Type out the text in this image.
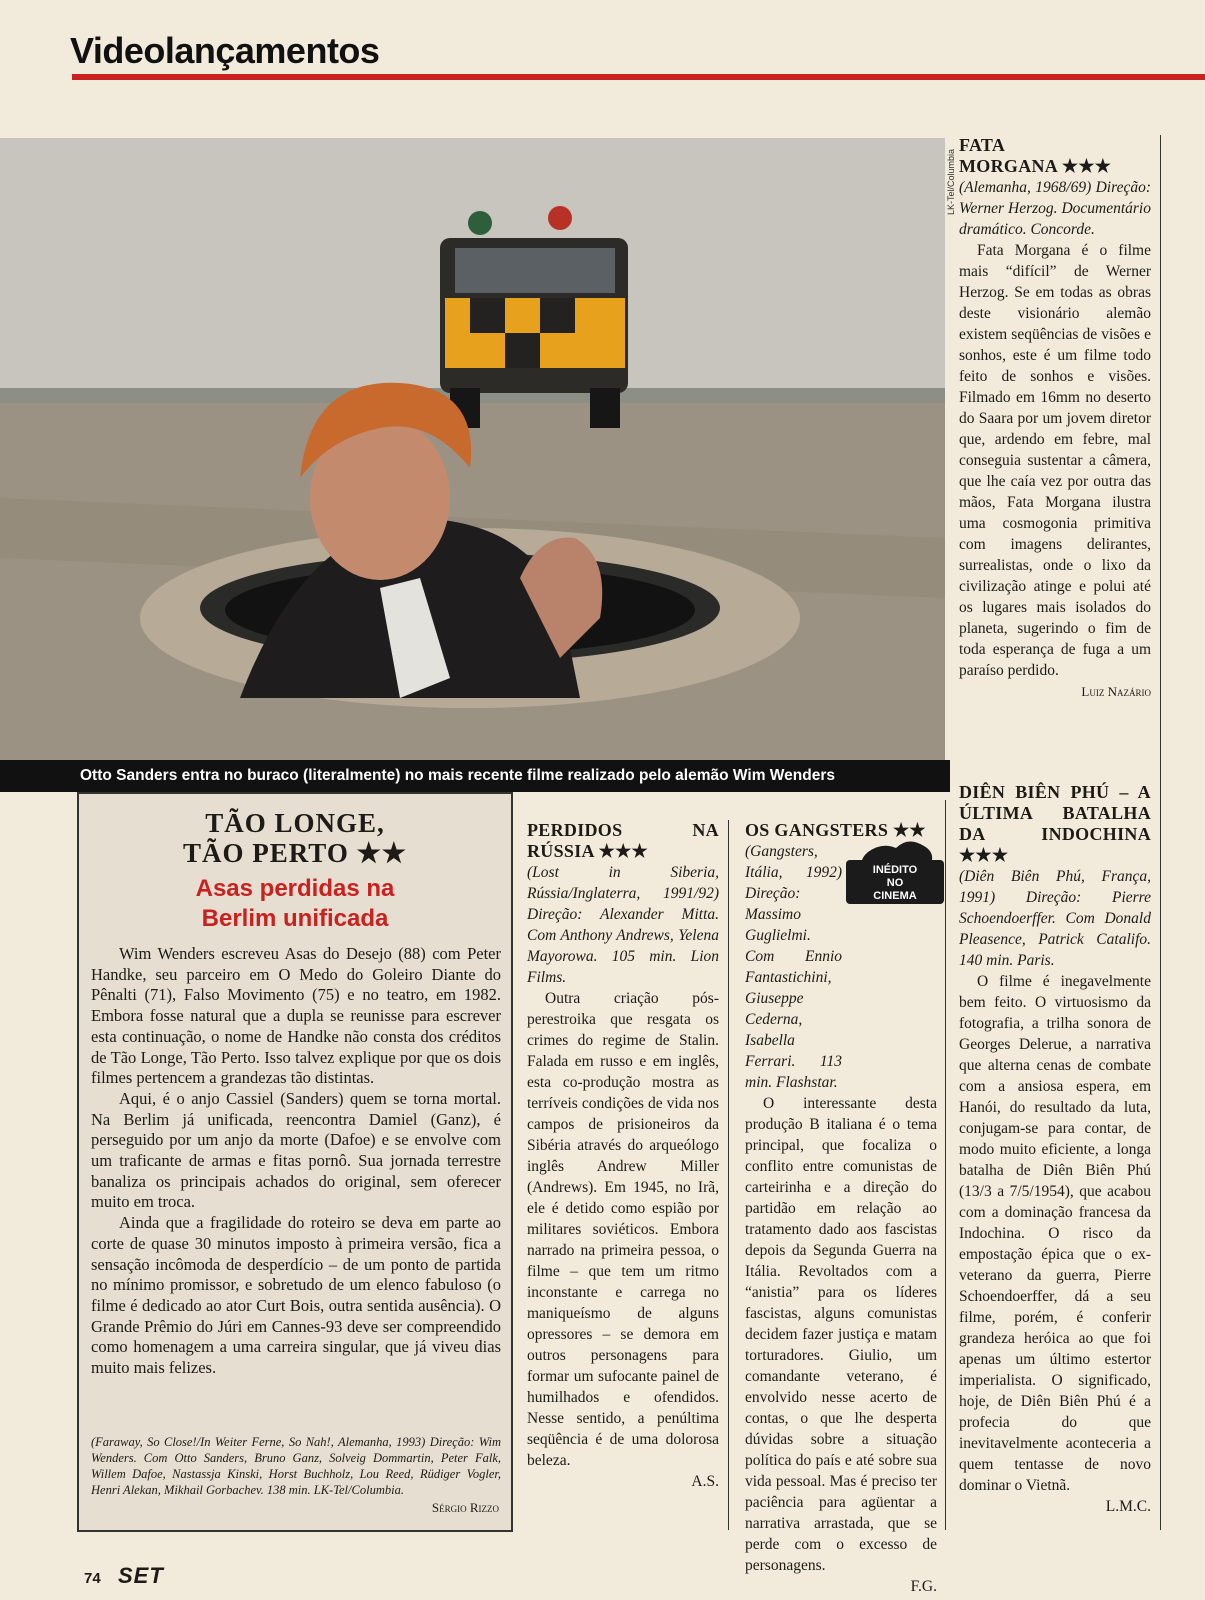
Videolançamentos
LK-Tel/Columbia
Otto Sanders entra no buraco (literalmente) no mais recente filme realizado pelo alemão Wim Wenders
TÃO LONGE,
TÃO PERTO ★★
Asas perdidas na Berlim unificada

Wim Wenders escreveu Asas do Desejo (88) com Peter Handke, seu parceiro em O Medo do Goleiro Diante do Pênalti (71), Falso Movimento (75) e no teatro, em 1982. Embora fosse natural que a dupla se reunisse para escrever esta continuação, o nome de Handke não consta dos créditos de Tão Longe, Tão Perto. Isso talvez explique por que os dois filmes pertencem a grandezas tão distintas.

Aqui, é o anjo Cassiel (Sanders) quem se torna mortal. Na Berlim já unificada, reencontra Damiel (Ganz), é perseguido por um anjo da morte (Dafoe) e se envolve com um traficante de armas e fitas pornô. Sua jornada terrestre banaliza os principais achados do original, sem oferecer muito em troca.

Ainda que a fragilidade do roteiro se deva em parte ao corte de quase 30 minutos imposto à primeira versão, fica a sensação incômoda de desperdício – de um ponto de partida no mínimo promissor, e sobretudo de um elenco fabuloso (o filme é dedicado ao ator Curt Bois, outra sentida ausência). O Grande Prêmio do Júri em Cannes-93 deve ser compreendido como homenagem a uma carreira singular, que já viveu dias muito mais felizes.

(Faraway, So Close!/In Weiter Ferne, So Nah!, Alemanha, 1993) Direção: Wim Wenders. Com Otto Sanders, Bruno Ganz, Solveig Dommartin, Peter Falk, Willem Dafoe, Nastassja Kinski, Horst Buchholz, Lou Reed, Rüdiger Vogler, Henri Alekan, Mikhail Gorbachev. 138 min. LK-Tel/Columbia.
Sérgio Rizzo

PERDIDOS NA RÚSSIA ★★★

(Lost in Siberia, Rússia/Inglaterra, 1991/92) Direção: Alexander Mitta. Com Anthony Andrews, Yelena Mayorowa. 105 min. Lion Films.

Outra criação pós-perestroika que resgata os crimes do regime de Stalin. Falada em russo e em inglês, esta co-produção mostra as terríveis condições de vida nos campos de prisioneiros da Sibéria através do arqueólogo inglês Andrew Miller (Andrews). Em 1945, no Irã, ele é detido como espião por militares soviéticos. Embora narrado na primeira pessoa, o filme – que tem um ritmo inconstante e carrega no maniqueísmo de alguns opressores – se demora em outros personagens para formar um sufocante painel de humilhados e ofendidos. Nesse sentido, a penúltima seqüência é de uma dolorosa beleza.

A.S.

OS GANGSTERS ★★

(Gangsters, Itália, 1992) Direção: Massimo Guglielmi. Com Ennio Fantastichini, Giuseppe Cederna, Isabella Ferrari. 113 min. Flashstar.

O interessante desta produção B italiana é o tema principal, que focaliza o conflito entre comunistas de carteirinha e a direção do partidão em relação ao tratamento dado aos fascistas depois da Segunda Guerra na Itália. Revoltados com a “anistia” para os líderes fascistas, alguns comunistas decidem fazer justiça e matam torturadores. Giulio, um comandante veterano, é envolvido nesse acerto de contas, o que lhe desperta dúvidas sobre a situação política do país e até sobre sua vida pessoal. Mas é preciso ter paciência para agüentar a narrativa arrastada, que se perde com o excesso de personagens.

F.G.

INÉDITO
NO
CINEMA

FATA

MORGANA ★★★

(Alemanha, 1968/69) Direção: Werner Herzog. Documentário dramático. Concorde.

Fata Morgana é o filme mais “difícil” de Werner Herzog. Se em todas as obras deste visionário alemão existem seqüências de visões e sonhos, este é um filme todo feito de sonhos e visões. Filmado em 16mm no deserto do Saara por um jovem diretor que, ardendo em febre, mal conseguia sustentar a câmera, que lhe caía vez por outra das mãos, Fata Morgana ilustra uma cosmogonia primitiva com imagens delirantes, surrealistas, onde o lixo da civilização atinge e polui até os lugares mais isolados do planeta, sugerindo o fim de toda esperança de fuga a um paraíso perdido.

Luiz Nazário

DIÊN BIÊN PHÚ – A ÚLTIMA BATALHA DA INDOCHINA ★★★

(Diên Biên Phú, França, 1991) Direção: Pierre Schoendoerffer. Com Donald Pleasence, Patrick Catalifo. 140 min. Paris.

O filme é inegavelmente bem feito. O virtuosismo da fotografia, a trilha sonora de Georges Delerue, a narrativa que alterna cenas de combate com a ansiosa espera, em Hanói, do resultado da luta, conjugam-se para contar, de modo muito eficiente, a longa batalha de Diên Biên Phú (13/3 a 7/5/1954), que acabou com a dominação francesa da Indochina. O risco da empostação épica que o ex-veterano da guerra, Pierre Schoendoerffer, dá a seu filme, porém, é conferir grandeza heróica ao que foi apenas um último estertor imperialista. O significado, hoje, de Diên Biên Phú é a profecia do que inevitavelmente aconteceria a quem tentasse de novo dominar o Vietnã.

L.M.C.

74 SET
